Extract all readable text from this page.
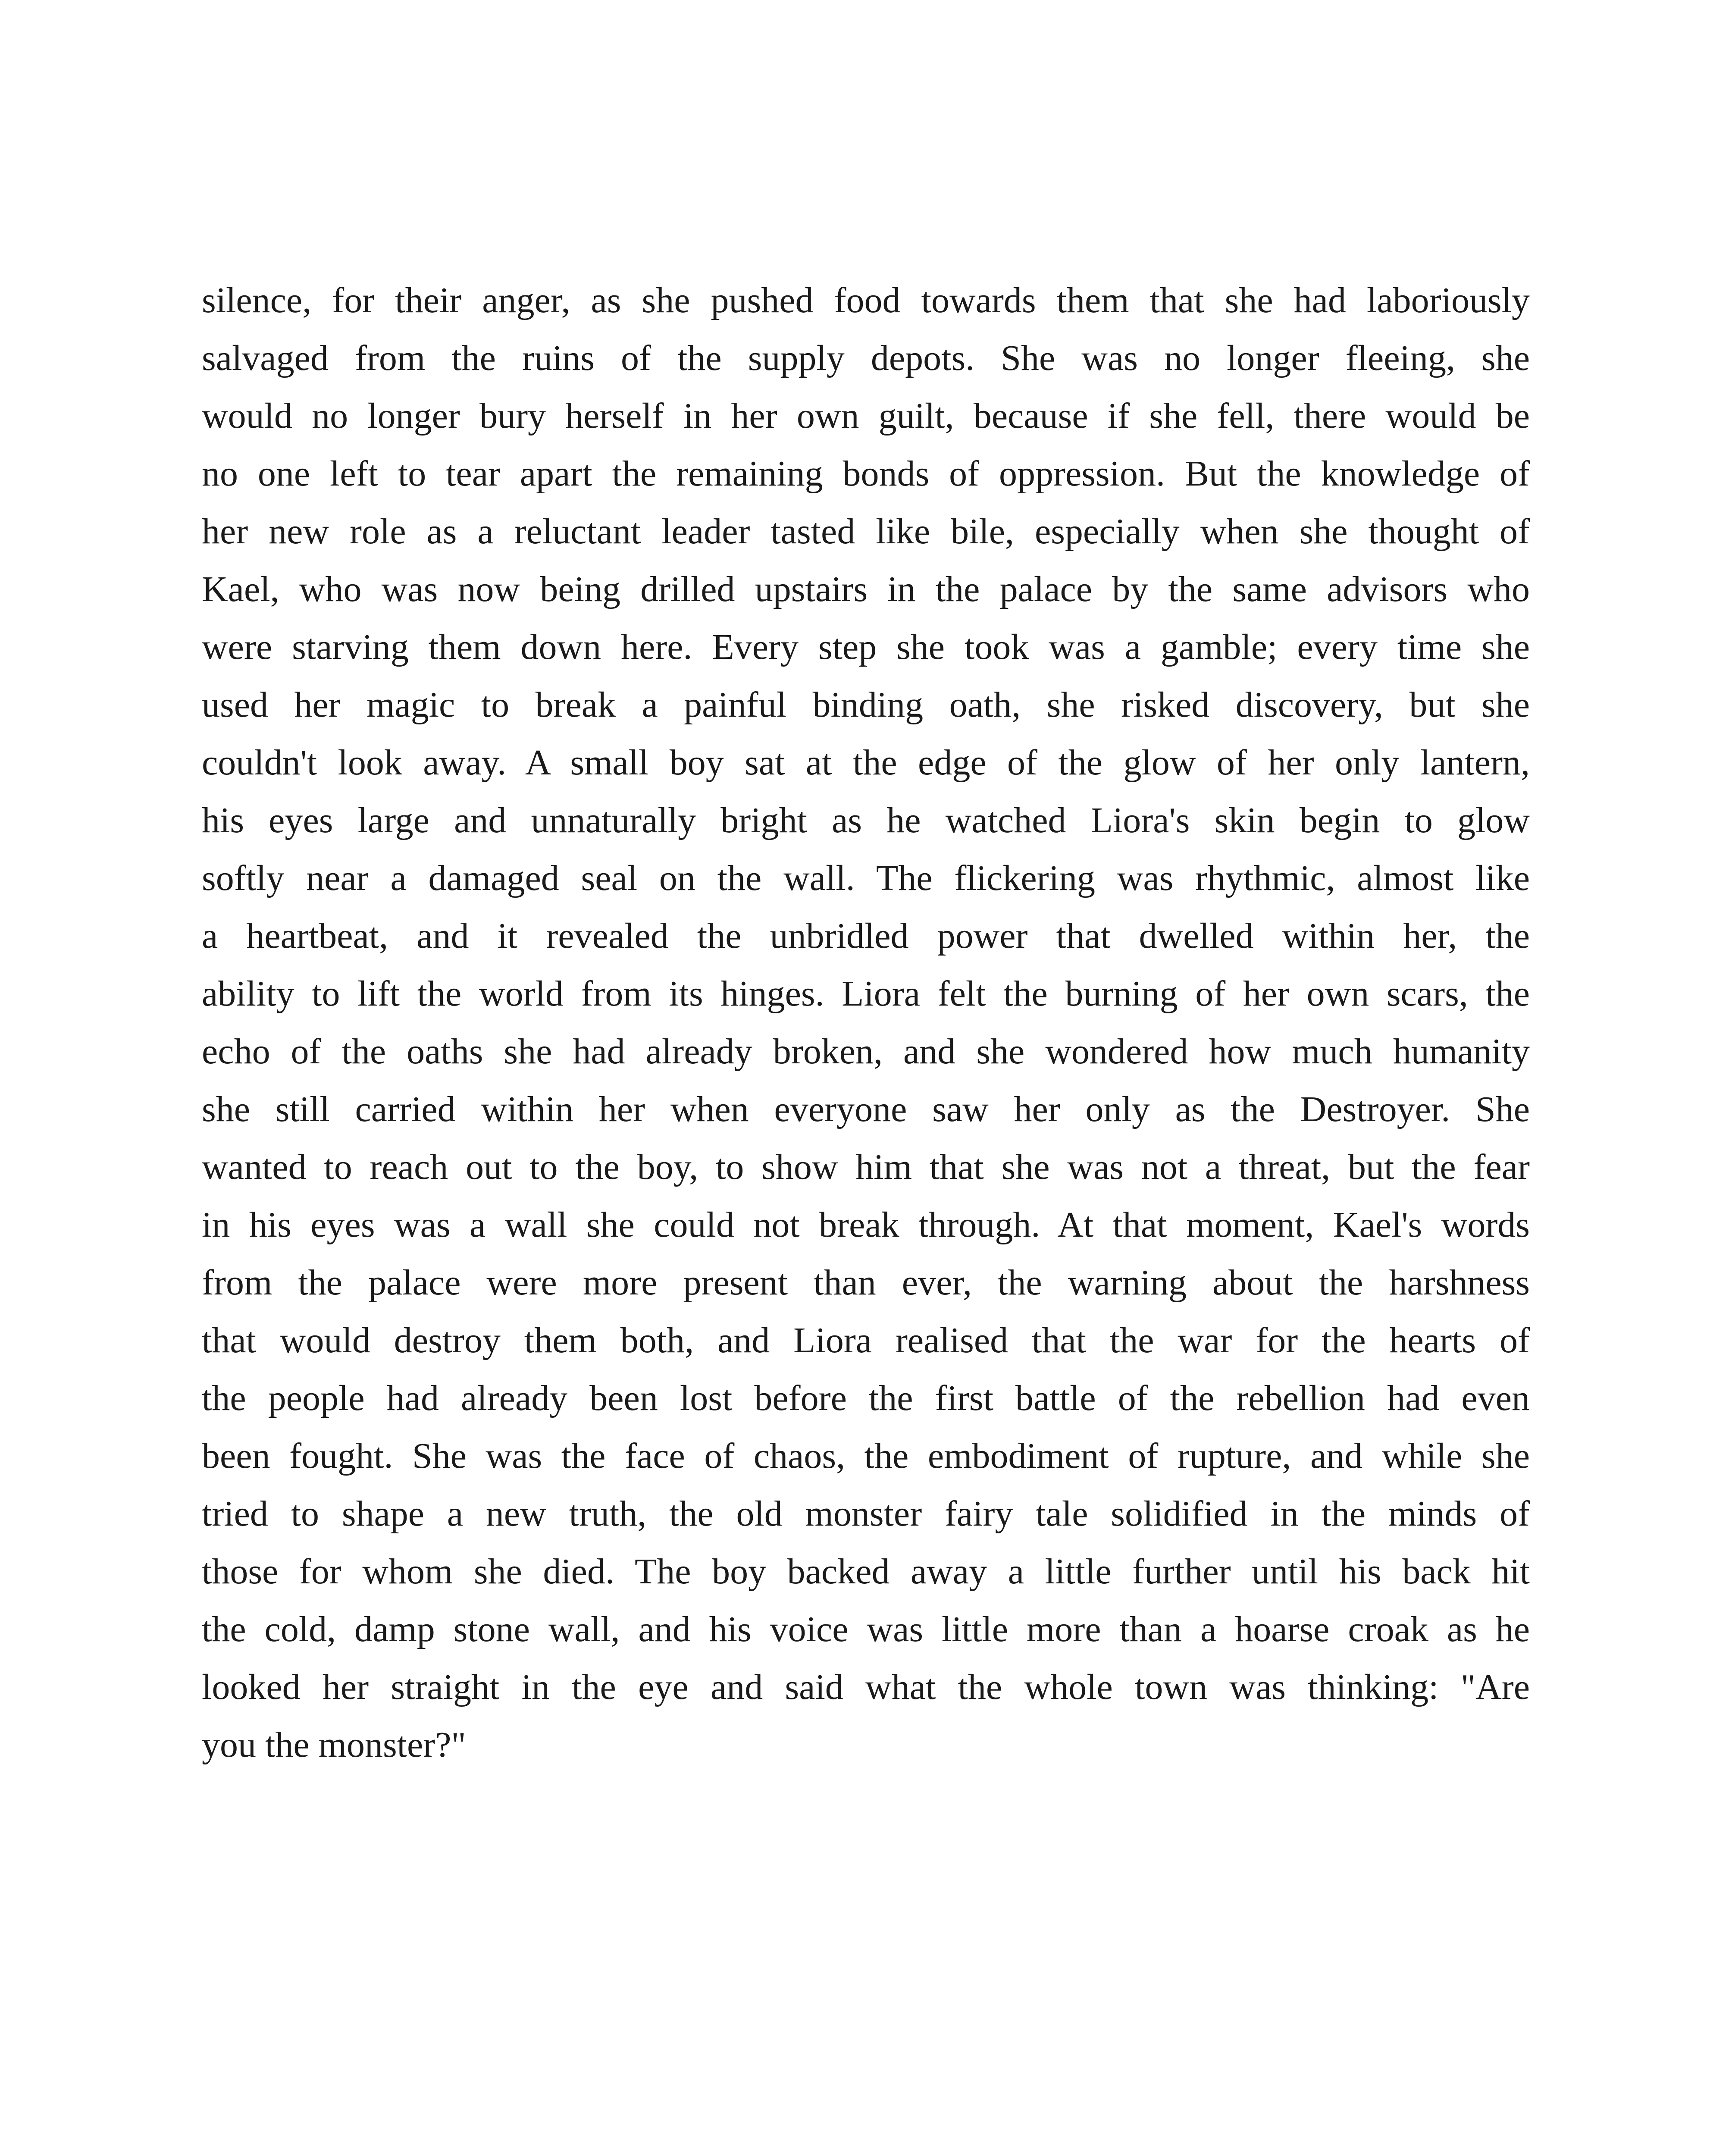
silence, for their anger, as she pushed food towards them that she had laboriously
salvaged from the ruins of the supply depots. She was no longer fleeing, she
would no longer bury herself in her own guilt, because if she fell, there would be
no one left to tear apart the remaining bonds of oppression. But the knowledge of
her new role as a reluctant leader tasted like bile, especially when she thought of
Kael, who was now being drilled upstairs in the palace by the same advisors who
were starving them down here. Every step she took was a gamble; every time she
used her magic to break a painful binding oath, she risked discovery, but she
couldn't look away. A small boy sat at the edge of the glow of her only lantern,
his eyes large and unnaturally bright as he watched Liora's skin begin to glow
softly near a damaged seal on the wall. The flickering was rhythmic, almost like
a heartbeat, and it revealed the unbridled power that dwelled within her, the
ability to lift the world from its hinges. Liora felt the burning of her own scars, the
echo of the oaths she had already broken, and she wondered how much humanity
she still carried within her when everyone saw her only as the Destroyer. She
wanted to reach out to the boy, to show him that she was not a threat, but the fear
in his eyes was a wall she could not break through. At that moment, Kael's words
from the palace were more present than ever, the warning about the harshness
that would destroy them both, and Liora realised that the war for the hearts of
the people had already been lost before the first battle of the rebellion had even
been fought. She was the face of chaos, the embodiment of rupture, and while she
tried to shape a new truth, the old monster fairy tale solidified in the minds of
those for whom she died. The boy backed away a little further until his back hit
the cold, damp stone wall, and his voice was little more than a hoarse croak as he
looked her straight in the eye and said what the whole town was thinking: "Are
you the monster?"
